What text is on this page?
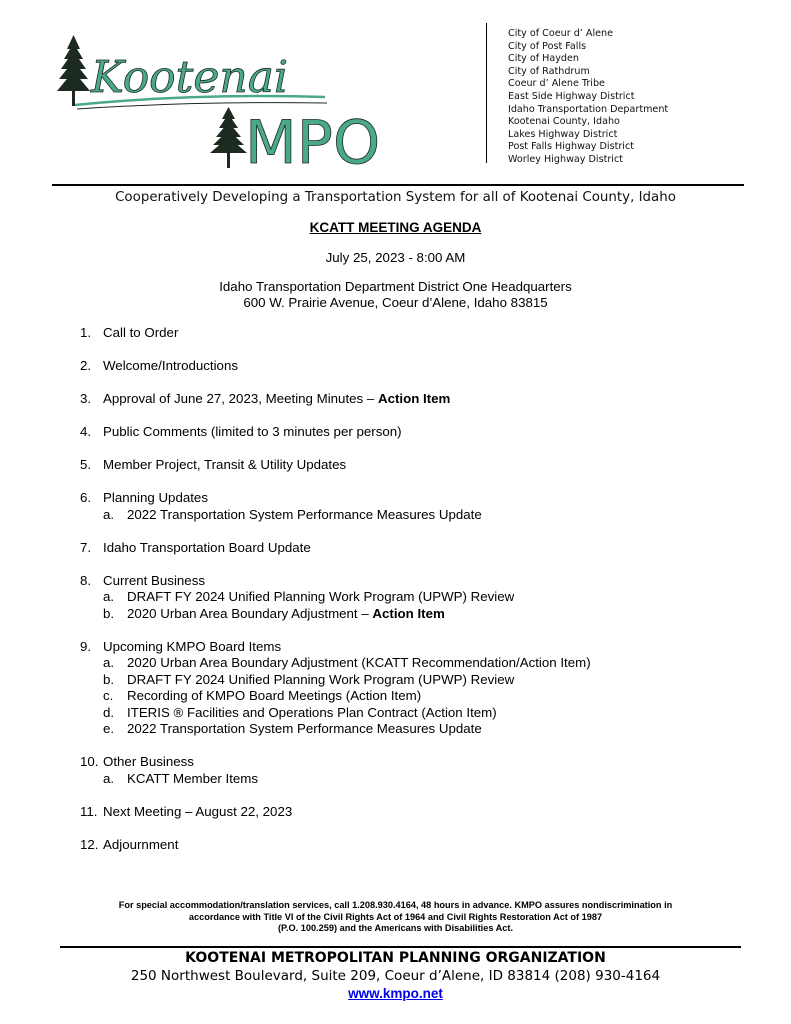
Kootenai
MPO
City of Coeur d’ Alene
City of Post Falls
City of Hayden
City of Rathdrum
Coeur d’ Alene Tribe
East Side Highway District
Idaho Transportation Department
Kootenai County, Idaho
Lakes Highway District
Post Falls Highway District
Worley Highway District
Cooperatively Developing a Transportation System for all of Kootenai County, Idaho
KCATT MEETING AGENDA
July 25, 2023 - 8:00 AM
Idaho Transportation Department District One Headquarters
600 W. Prairie Avenue, Coeur d’Alene, Idaho 83815
1. Call to Order
2. Welcome/Introductions
3. Approval of June 27, 2023, Meeting Minutes – Action Item
4. Public Comments (limited to 3 minutes per person)
5. Member Project, Transit & Utility Updates
6. Planning Updates
a. 2022 Transportation System Performance Measures Update
7. Idaho Transportation Board Update
8. Current Business
a. DRAFT FY 2024 Unified Planning Work Program (UPWP) Review
b. 2020 Urban Area Boundary Adjustment – Action Item
9. Upcoming KMPO Board Items
a. 2020 Urban Area Boundary Adjustment (KCATT Recommendation/Action Item)
b. DRAFT FY 2024 Unified Planning Work Program (UPWP) Review
c.	Recording of KMPO Board Meetings (Action Item)
d. ITERIS ® Facilities and Operations Plan Contract (Action Item)
e. 2022 Transportation System Performance Measures Update
10. Other Business
a. KCATT Member Items
11. Next Meeting – August 22, 2023
12. Adjournment
For special accommodation/translation services, call 1.208.930.4164, 48 hours in advance. KMPO assures nondiscrimination in
accordance with Title VI of the Civil Rights Act of 1964 and Civil Rights Restoration Act of 1987
(P.O. 100.259) and the Americans with Disabilities Act.
KOOTENAI METROPOLITAN PLANNING ORGANIZATION
250 Northwest Boulevard, Suite 209, Coeur d’Alene, ID 83814 (208) 930-4164
www.kmpo.net
